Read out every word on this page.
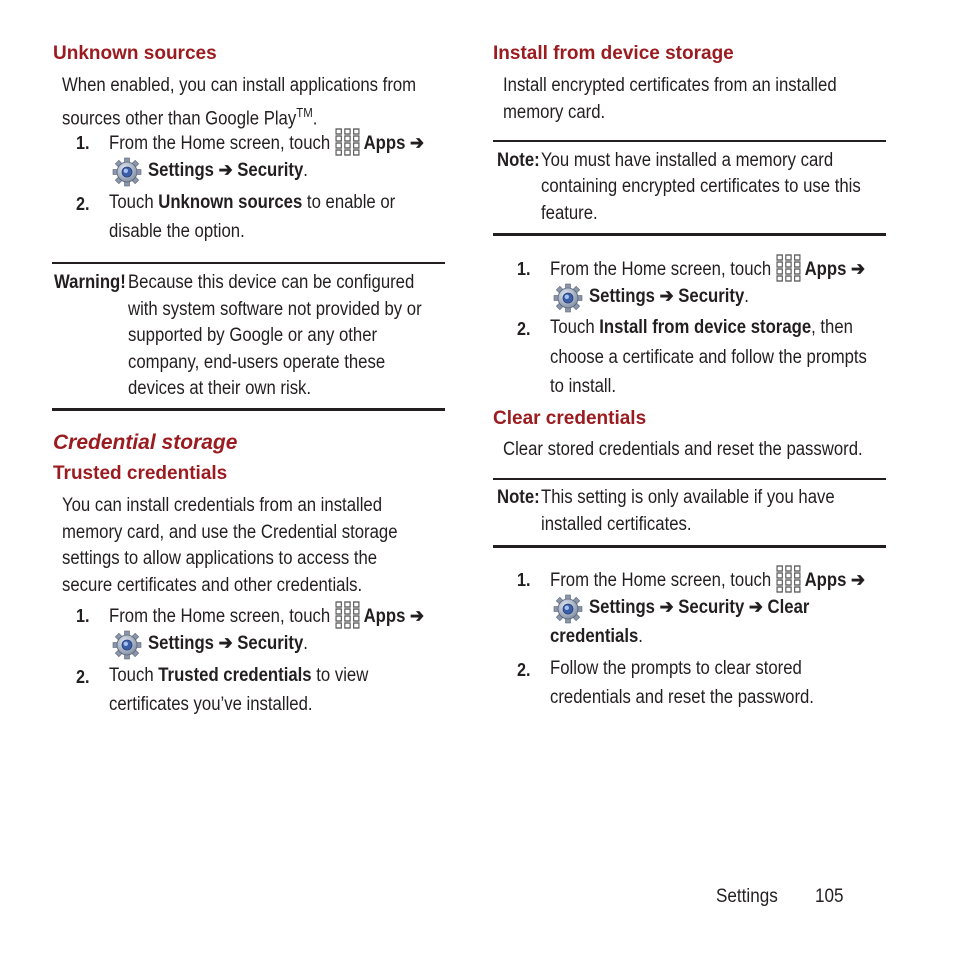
Unknown sources
When enabled, you can install applications from
sources other than Google Play™.
1. From the Home screen, touch Apps ➔
Settings ➔ Security.
2. Touch Unknown sources to enable or
disable the option.
Warning! Because this device can be configured
with system software not provided by or
supported by Google or any other
company, end-users operate these
devices at their own risk.
Credential storage
Trusted credentials
You can install credentials from an installed
memory card, and use the Credential storage
settings to allow applications to access the
secure certificates and other credentials.
1. From the Home screen, touch Apps ➔
Settings ➔ Security.
2. Touch Trusted credentials to view
certificates you’ve installed.
Install from device storage
Install encrypted certificates from an installed
memory card.
Note: You must have installed a memory card
containing encrypted certificates to use this
feature.
1. From the Home screen, touch Apps ➔
Settings ➔ Security.
2. Touch Install from device storage, then
choose a certificate and follow the prompts
to install.
Clear credentials
Clear stored credentials and reset the password.
Note: This setting is only available if you have
installed certificates.
1. From the Home screen, touch Apps ➔
Settings ➔ Security ➔ Clear
credentials.
2. Follow the prompts to clear stored
credentials and reset the password.
Settings 105
